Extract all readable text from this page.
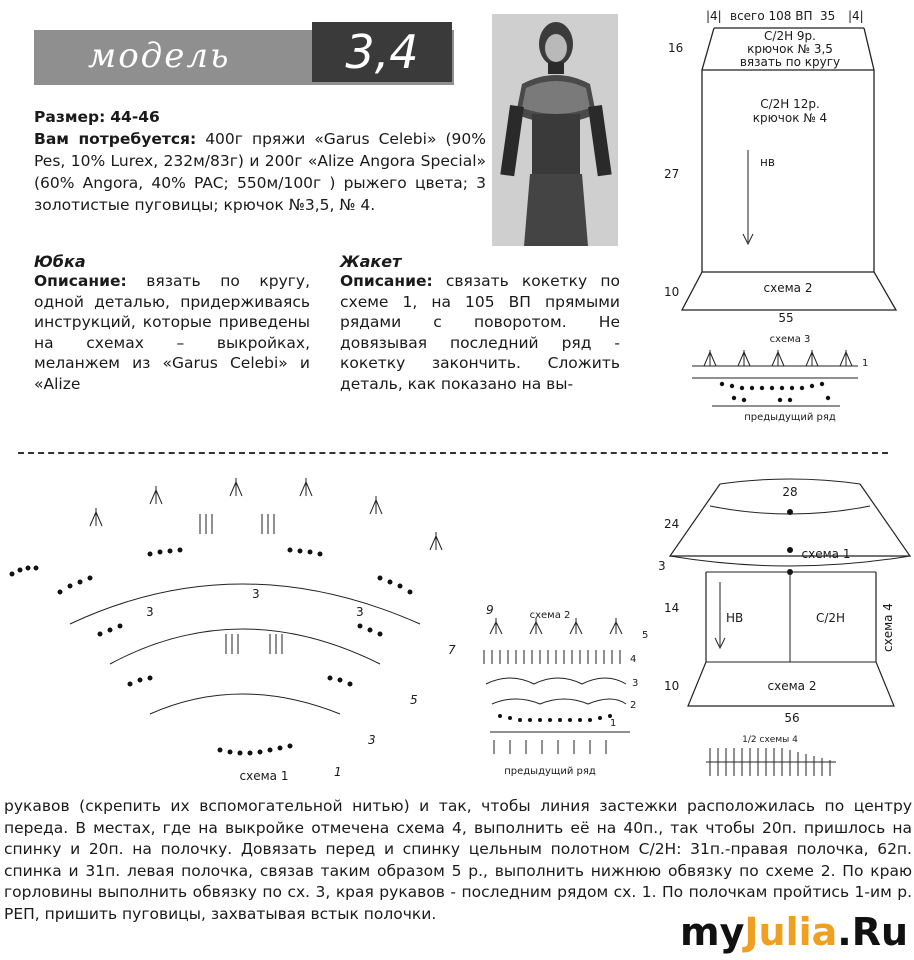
модель	3,4
Размер: 44-46
Вам потребуется: 400г пряжи «Garus Celebi» (90% Pes, 10% Lurex, 232м/83г) и 200г «Alize Angora Special» (60% Angora, 40% PAC; 550м/100г ) рыжего цвета; 3 золотистые пуговицы; крючок №3,5, № 4.
Юбка
Описание: вязать по кругу, одной деталью, придерживаясь инструкций, которые приведены на схемах – выкройках, меланжем из «Garus Celebi» и «Alize
Жакет
Описание: связать кокетку по схеме 1, на 105 ВП прямыми рядами с поворотом. Не довязывая последний ряд - кокетку закончить. Сложить деталь, как показано на вы-
|4| всего 108 ВП 35 |4|
16
С/2Н 9р.
крючок № 3,5
вязать по кругу
С/2Н 12р.
крючок № 4
27
нв
10	схема 2
55
схема 3
1
предыдущий ряд
схема 1	1
3
5
7
9
3
3
3	схема 2
5
4
3
2
1
предыдущий ряд
28
24
схема 1
3
14
НВ	С/2Н	схема 4
10	схема 2
56
1/2 схемы 4
рукавов (скрепить их вспомогательной нитью) и так, чтобы линия застежки расположилась по центру переда. В местах, где на выкройке отмечена схема 4, выполнить её на 40п., так чтобы 20п. пришлось на спинку и 20п. на полочку. Довязать перед и спинку цельным полотном С/2Н: 31п.-правая полочка, 62п. спинка и 31п. левая полочка, связав таким образом 5 р., выполнить нижнюю обвязку по схеме 2. По краю горловины выполнить обвязку по сх. 3, края рукавов - последним рядом сх. 1. По полочкам пройтись 1-им р. РЕП, пришить пуговицы, захватывая встык полочки.	myJulia.Ru
